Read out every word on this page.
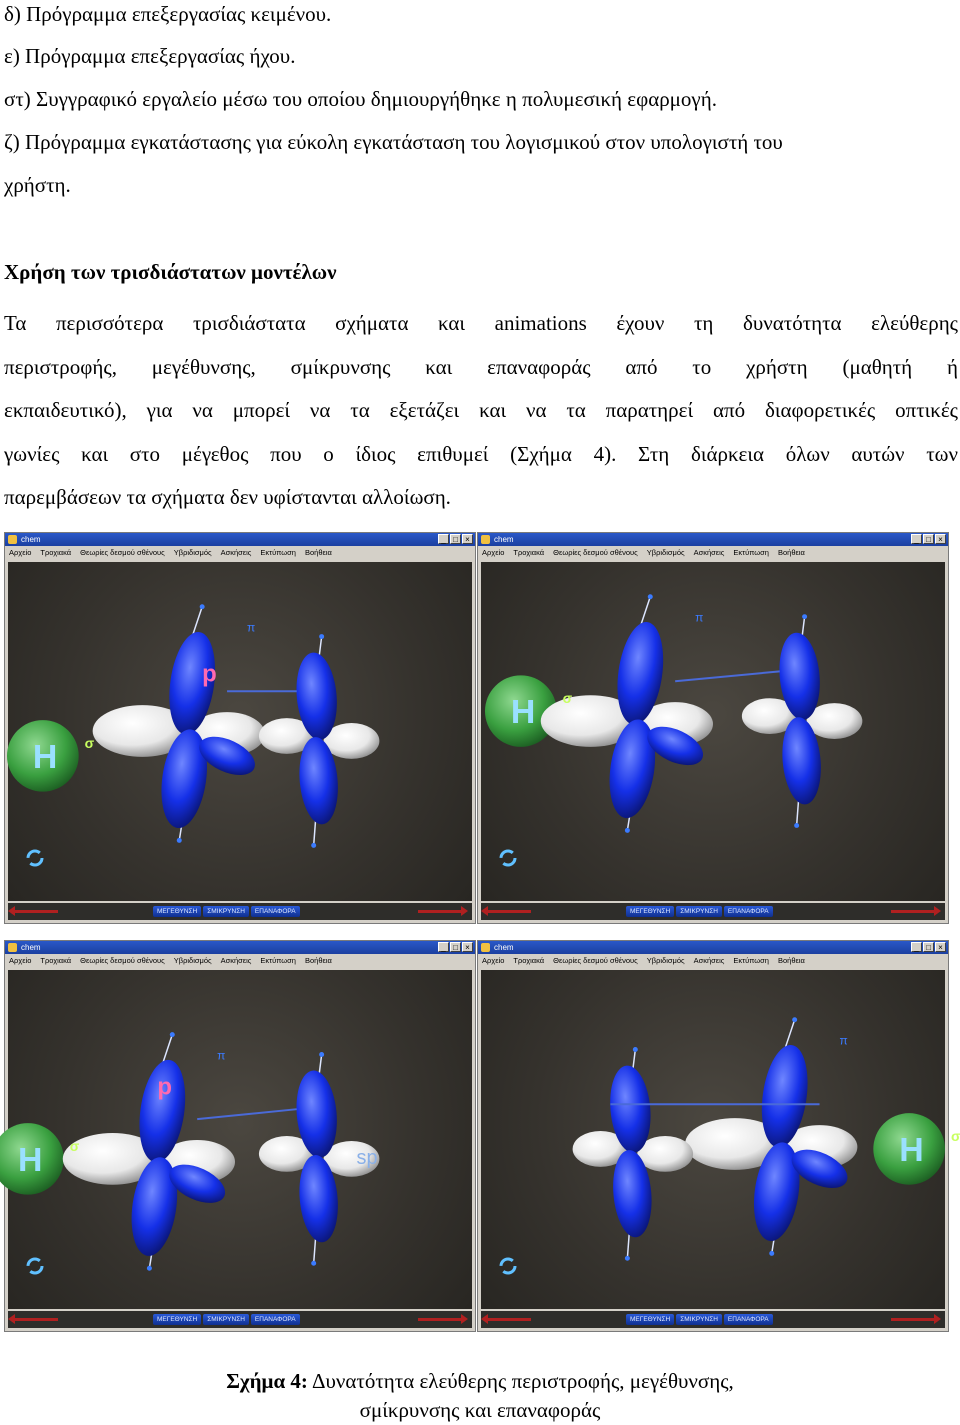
δ) Πρόγραμμα επεξεργασίας κειμένου.
ε) Πρόγραμμα επεξεργασίας ήχου.
στ) Συγγραφικό εργαλείο μέσω του οποίου δημιουργήθηκε η πολυμεσική εφαρμογή.
ζ) Πρόγραμμα εγκατάστασης για εύκολη εγκατάσταση του λογισμικού στον υπολογιστή του
χρήστη.
Χρήση των τρισδιάστατων μοντέλων
Τα περισσότερα τρισδιάστατα σχήματα και animations έχουν τη δυνατότητα ελεύθερης
περιστροφής, μεγέθυνσης, σμίκρυνσης και επαναφοράς από το χρήστη (μαθητή ή
εκπαιδευτικό), για να μπορεί να τα εξετάζει και να τα παρατηρεί από διαφορετικές οπτικές
γωνίες και στο μέγεθος που ο ίδιος επιθυμεί (Σχήμα 4). Στη διάρκεια όλων αυτών των
παρεμβάσεων τα σχήματα δεν υφίστανται αλλοίωση.
chem	_ □ ×
Αρχείο Τροχιακά Θεωρίες δεσμού σθένους Υβριδισμός Ασκήσεις Εκτύπωση Βοήθεια
H σ
π
p
ΜΕΓΕΘΥΝΣΗ	ΣΜΙΚΡΥΝΣΗ	ΕΠΑΝΑΦΟΡΑ
chem	_ □ ×
Αρχείο Τροχιακά Θεωρίες δεσμού σθένους Υβριδισμός Ασκήσεις Εκτύπωση Βοήθεια
H σ
π
ΜΕΓΕΘΥΝΣΗ	ΣΜΙΚΡΥΝΣΗ	ΕΠΑΝΑΦΟΡΑ
chem	_ □ ×
Αρχείο Τροχιακά Θεωρίες δεσμού σθένους Υβριδισμός Ασκήσεις Εκτύπωση Βοήθεια
H σ
π
p
sp
ΜΕΓΕΘΥΝΣΗ	ΣΜΙΚΡΥΝΣΗ	ΕΠΑΝΑΦΟΡΑ
chem	_ □ ×
Αρχείο Τροχιακά Θεωρίες δεσμού σθένους Υβριδισμός Ασκήσεις Εκτύπωση Βοήθεια
H σ
π
ΜΕΓΕΘΥΝΣΗ	ΣΜΙΚΡΥΝΣΗ	ΕΠΑΝΑΦΟΡΑ
Σχήμα 4: Δυνατότητα ελεύθερης περιστροφής, μεγέθυνσης,
σμίκρυνσης και επαναφοράς
